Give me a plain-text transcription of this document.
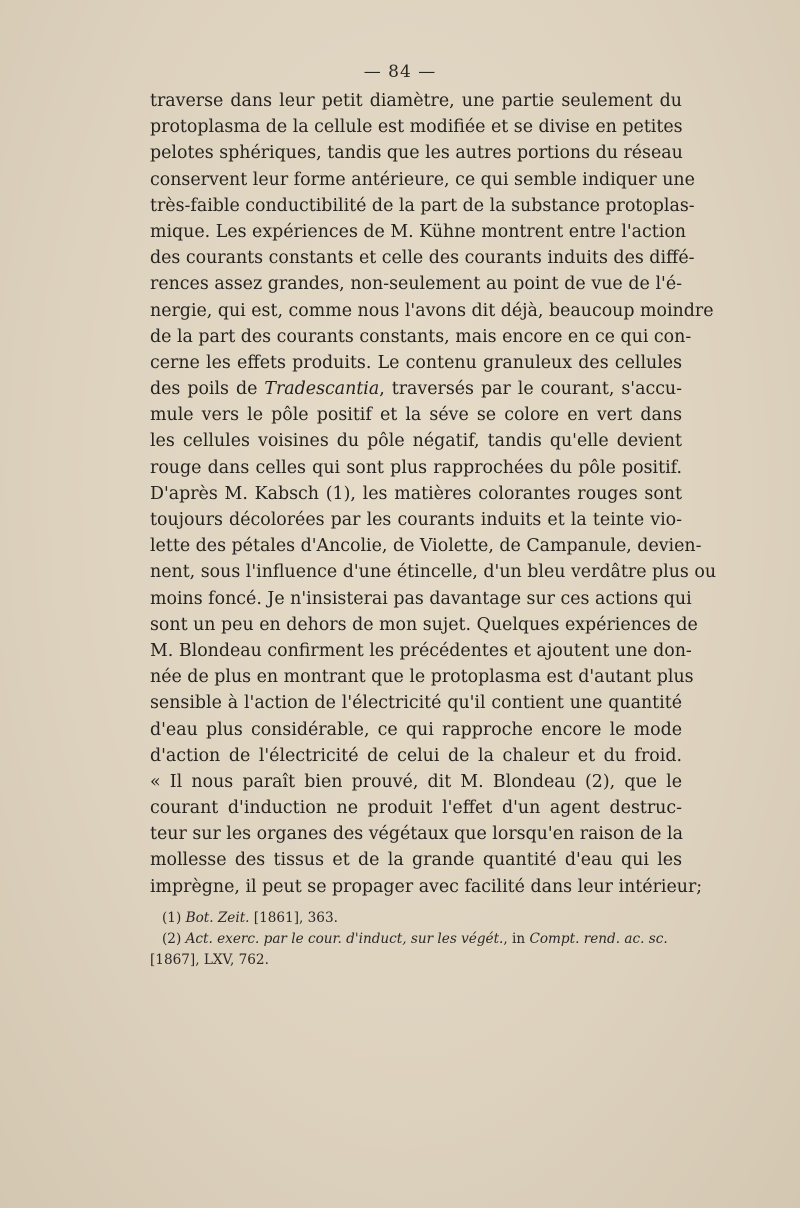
— 84 —
traverse dans leur petit diamètre, une partie seulement du
protoplasma de la cellule est modifiée et se divise en petites
pelotes sphériques, tandis que les autres portions du réseau
conservent leur forme antérieure, ce qui semble indiquer une
très-faible conductibilité de la part de la substance protoplas-
mique. Les expériences de M. Kühne montrent entre l'action
des courants constants et celle des courants induits des diffé-
rences assez grandes, non-seulement au point de vue de l'é-
nergie, qui est, comme nous l'avons dit déjà, beaucoup moindre
de la part des courants constants, mais encore en ce qui con-
cerne les effets produits. Le contenu granuleux des cellules
des poils de Tradescantia, traversés par le courant, s'accu-
mule vers le pôle positif et la séve se colore en vert dans
les cellules voisines du pôle négatif, tandis qu'elle devient
rouge dans celles qui sont plus rapprochées du pôle positif.
D'après M. Kabsch (1), les matières colorantes rouges sont
toujours décolorées par les courants induits et la teinte vio-
lette des pétales d'Ancolie, de Violette, de Campanule, devien-
nent, sous l'influence d'une étincelle, d'un bleu verdâtre plus ou
moins foncé. Je n'insisterai pas davantage sur ces actions qui
sont un peu en dehors de mon sujet. Quelques expériences de
M. Blondeau confirment les précédentes et ajoutent une don-
née de plus en montrant que le protoplasma est d'autant plus
sensible à l'action de l'électricité qu'il contient une quantité
d'eau plus considérable, ce qui rapproche encore le mode
d'action de l'électricité de celui de la chaleur et du froid.
« Il nous paraît bien prouvé, dit M. Blondeau (2), que le
courant d'induction ne produit l'effet d'un agent destruc-
teur sur les organes des végétaux que lorsqu'en raison de la
mollesse des tissus et de la grande quantité d'eau qui les
imprègne, il peut se propager avec facilité dans leur intérieur;
(1) Bot. Zeit. [1861], 363.
(2) Act. exerc. par le cour. d'induct, sur les végét., in Compt. rend. ac. sc.
[1867], LXV, 762.
